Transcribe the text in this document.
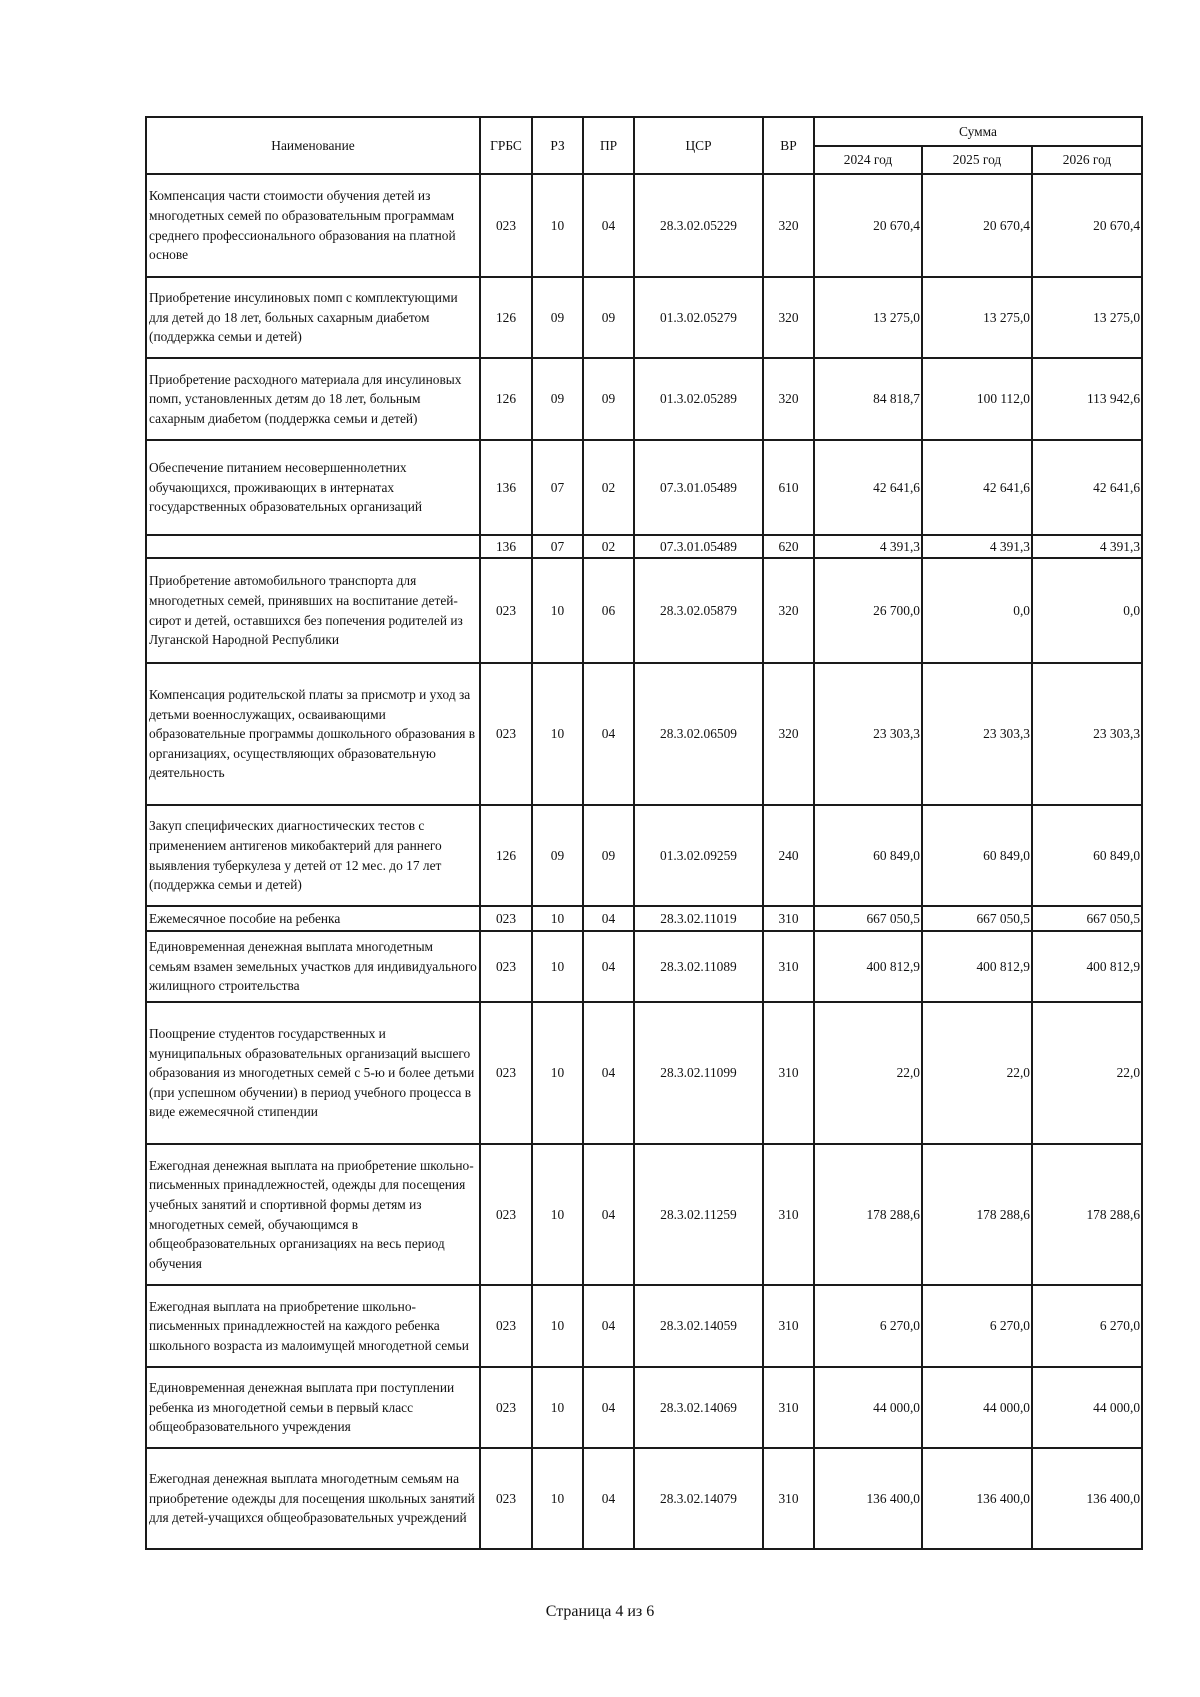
Наименование	ГРБС	РЗ	ПР	ЦСР	ВР	Сумма		
						2024 год	2025 год	2026 год
Компенсация части стоимости обучения детей из многодетных семей по образовательным программам среднего профессионального образования на платной основе	023	10	04	28.3.02.05229	320	20 670,4	20 670,4	20 670,4
Приобретение инсулиновых помп с комплектующими для детей до 18 лет, больных сахарным диабетом (поддержка семьи и детей)	126	09	09	01.3.02.05279	320	13 275,0	13 275,0	13 275,0
Приобретение расходного материала для инсулиновых помп, установленных детям до 18 лет, больным сахарным диабетом (поддержка семьи и детей)	126	09	09	01.3.02.05289	320	84 818,7	100 112,0	113 942,6
Обеспечение питанием несовершеннолетних обучающихся, проживающих в интернатах государственных образовательных организаций	136	07	02	07.3.01.05489	610	42 641,6	42 641,6	42 641,6
	136	07	02	07.3.01.05489	620	4 391,3	4 391,3	4 391,3
Приобретение автомобильного транспорта для многодетных семей, принявших на воспитание детей-сирот и детей, оставшихся без попечения родителей из Луганской Народной Республики	023	10	06	28.3.02.05879	320	26 700,0	0,0	0,0
Компенсация родительской платы за присмотр и уход за детьми военнослужащих, осваивающими образовательные программы дошкольного образования в организациях, осуществляющих образовательную деятельность	023	10	04	28.3.02.06509	320	23 303,3	23 303,3	23 303,3
Закуп специфических диагностических тестов с применением антигенов микобактерий для раннего выявления туберкулеза у детей от 12 мес. до 17 лет (поддержка семьи и детей)	126	09	09	01.3.02.09259	240	60 849,0	60 849,0	60 849,0
Ежемесячное пособие на ребенка	023	10	04	28.3.02.11019	310	667 050,5	667 050,5	667 050,5
Единовременная денежная выплата многодетным семьям взамен земельных участков для индивидуального жилищного строительства	023	10	04	28.3.02.11089	310	400 812,9	400 812,9	400 812,9
Поощрение студентов государственных и муниципальных образовательных организаций высшего образования из многодетных семей с 5-ю и более детьми (при успешном обучении) в период учебного процесса в виде ежемесячной стипендии	023	10	04	28.3.02.11099	310	22,0	22,0	22,0
Ежегодная денежная выплата на приобретение школьно-письменных принадлежностей, одежды для посещения учебных занятий и спортивной формы детям из многодетных семей, обучающимся в общеобразовательных организациях на весь период обучения	023	10	04	28.3.02.11259	310	178 288,6	178 288,6	178 288,6
Ежегодная выплата на приобретение школьно-письменных принадлежностей на каждого ребенка школьного возраста из малоимущей многодетной семьи	023	10	04	28.3.02.14059	310	6 270,0	6 270,0	6 270,0
Единовременная денежная выплата при поступлении ребенка из многодетной семьи в первый класс общеобразовательного учреждения	023	10	04	28.3.02.14069	310	44 000,0	44 000,0	44 000,0
Ежегодная денежная выплата многодетным семьям на приобретение одежды для посещения школьных занятий для детей-учащихся общеобразовательных учреждений	023	10	04	28.3.02.14079	310	136 400,0	136 400,0	136 400,0
Страница 4 из 6
